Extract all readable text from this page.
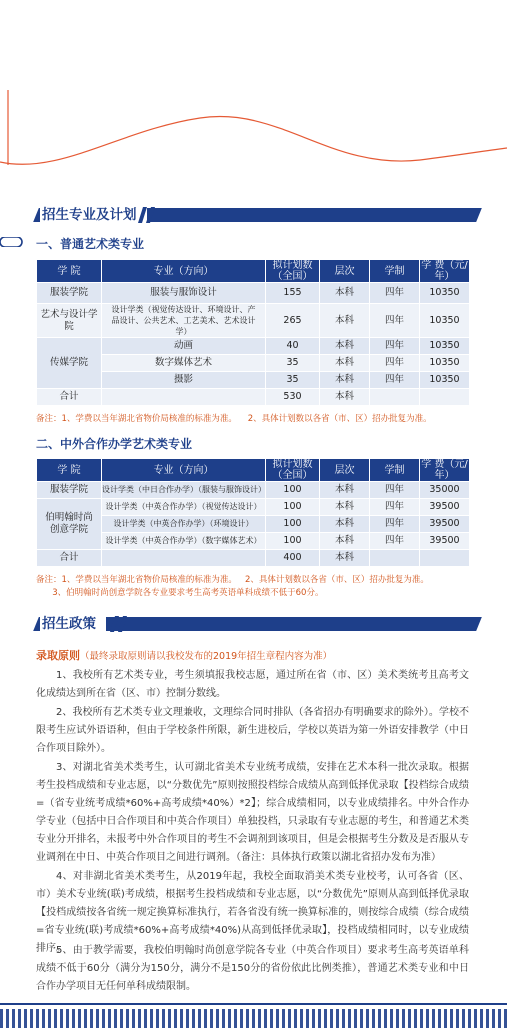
招生专业及计划
一、普通艺术类专业
学 院	专业（方向）	拟计划数（全国）	层次	学制	学 费（元/年）
服装学院	服装与服饰设计	155	本科	四年	10350
艺术与设计学院	设计学类（视觉传达设计、环境设计、产品设计、公共艺术、工艺美术、艺术设计学）	265	本科	四年	10350
传媒学院	动画	40	本科	四年	10350
	数字媒体艺术	35	本科	四年	10350
	摄影	35	本科	四年	10350
合计		530	本科		
备注：1、学费以当年湖北省物价局核准的标准为准。    2、具体计划数以各省（市、区）招办批复为准。
二、中外合作办学艺术类专业
学 院	专业（方向）	拟计划数（全国）	层次	学制	学 费（元/年）
服装学院	设计学类（中日合作办学）（服装与服饰设计）	100	本科	四年	35000
伯明翰时尚创意学院	设计学类（中英合作办学）（视觉传达设计）	100	本科	四年	39500
	设计学类（中英合作办学）（环境设计）	100	本科	四年	39500
	设计学类（中英合作办学）（数字媒体艺术）	100	本科	四年	39500
合计		400	本科		
备注：1、学费以当年湖北省物价局核准的标准为准。   2、具体计划数以各省（市、区）招办批复为准。
3、伯明翰时尚创意学院各专业要求考生高考英语单科成绩不低于60分。
招生政策
录取原则（最终录取原则请以我校发布的2019年招生章程内容为准）
1、我校所有艺术类专业，考生须填报我校志愿，通过所在省（市、区）美术类统考且高考文化成绩达到所在省（区、市）控制分数线。
2、我校所有艺术类专业文理兼收，文理综合同时排队（各省招办有明确要求的除外）。学校不限考生应试外语语种，但由于学校条件所限，新生进校后，学校以英语为第一外语安排教学（中日合作项目除外）。
3、对湖北省美术类考生，认可湖北省美术专业统考成绩，安排在艺术本科一批次录取。根据考生投档成绩和专业志愿，以“分数优先”原则按照投档综合成绩从高到低择优录取【投档综合成绩=（省专业统考成绩*60%+高考成绩*40%）*2】；综合成绩相同，以专业成绩排名。中外合作办学专业（包括中日合作项目和中英合作项目）单独投档，只录取有专业志愿的考生，和普通艺术类专业分开排名，未报考中外合作项目的考生不会调剂到该项目，但是会根据考生分数及是否服从专业调剂在中日、中英合作项目之间进行调剂。（备注：具体执行政策以湖北省招办发布为准）
4、对非湖北省美术类考生，从2019年起，我校全面取消美术类专业校考，认可各省（区、市）美术专业统(联)考成绩，根据考生投档成绩和专业志愿，以“分数优先”原则从高到低择优录取【投档成绩按各省统一规定换算标准执行，若各省没有统一换算标准的，则按综合成绩（综合成绩=省专业统(联)考成绩*60%+高考成绩*40%)从高到低择优录取】，投档成绩相同时，以专业成绩排序。
5、由于教学需要，我校伯明翰时尚创意学院各专业（中英合作项目）要求考生高考英语单科成绩不低于60分（满分为150分，满分不是150分的省份依此比例类推），普通艺术类专业和中日合作办学项目无任何单科成绩限制。
